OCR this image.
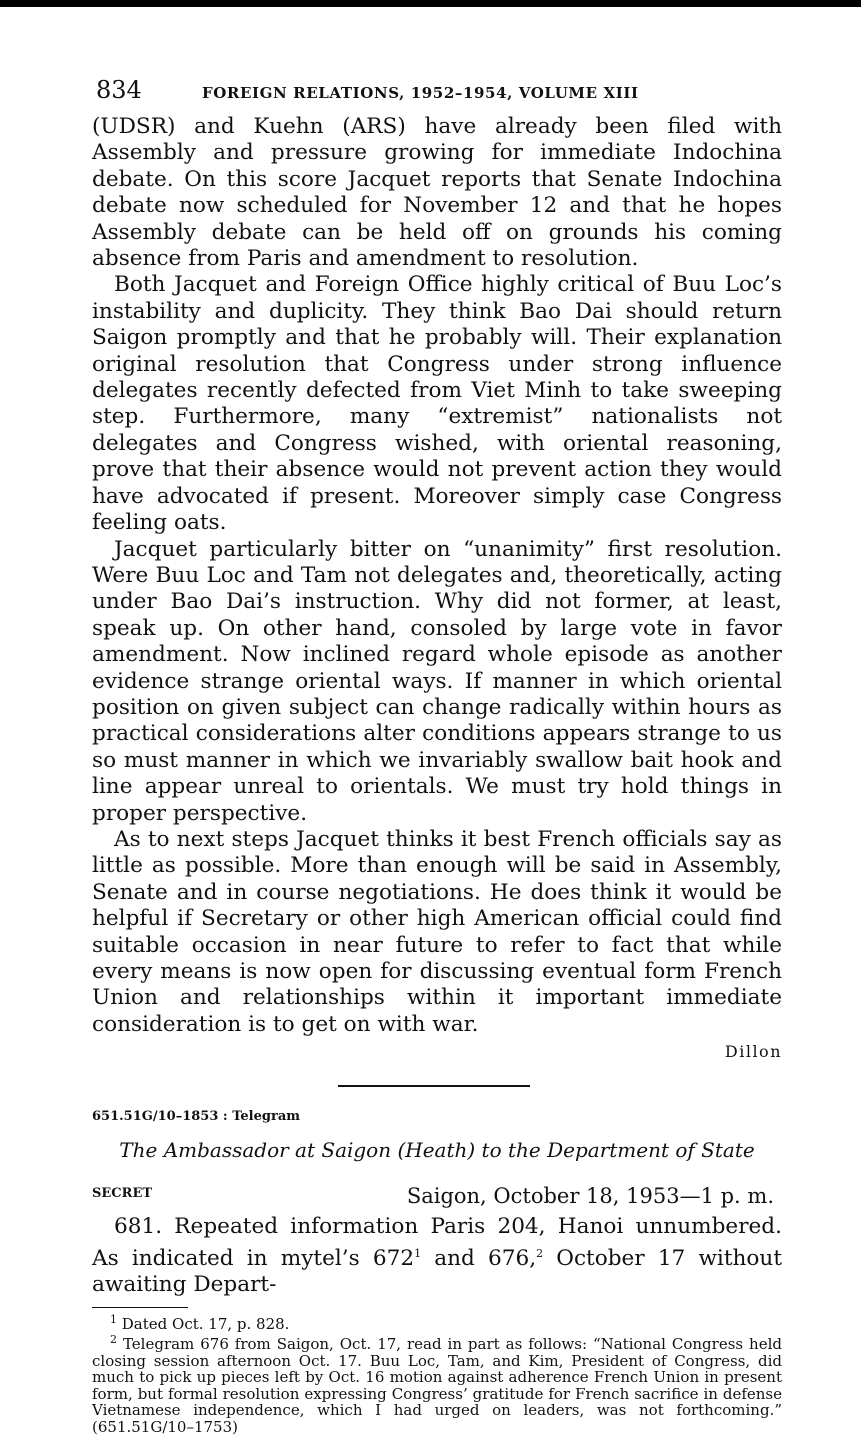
834	FOREIGN RELATIONS, 1952–1954, VOLUME XIII

(UDSR) and Kuehn (ARS) have already been filed with Assembly and pressure growing for immediate Indochina debate. On this score Jacquet reports that Senate Indochina debate now scheduled for November 12 and that he hopes Assembly debate can be held off on grounds his coming absence from Paris and amendment to resolution.

Both Jacquet and Foreign Office highly critical of Buu Loc’s instability and duplicity. They think Bao Dai should return Saigon promptly and that he probably will. Their explanation original resolution that Congress under strong influence delegates recently defected from Viet Minh to take sweeping step. Furthermore, many “extremist” nationalists not delegates and Congress wished, with oriental reasoning, prove that their absence would not prevent action they would have advocated if present. Moreover simply case Congress feeling oats.

Jacquet particularly bitter on “unanimity” first resolution. Were Buu Loc and Tam not delegates and, theoretically, acting under Bao Dai’s instruction. Why did not former, at least, speak up. On other hand, consoled by large vote in favor amendment. Now inclined regard whole episode as another evidence strange oriental ways. If manner in which oriental position on given subject can change radically within hours as practical considerations alter conditions appears strange to us so must manner in which we invariably swallow bait hook and line appear unreal to orientals. We must try hold things in proper perspective.

As to next steps Jacquet thinks it best French officials say as little as possible. More than enough will be said in Assembly, Senate and in course negotiations. He does think it would be helpful if Secretary or other high American official could find suitable occasion in near future to refer to fact that while every means is now open for discussing eventual form French Union and relationships within it important immediate consideration is to get on with war.

Dillon
651.51G/10–1853 : Telegram
The Ambassador at Saigon (Heath) to the Department of State
SECRET	Saigon, October 18, 1953—1 p. m.

681. Repeated information Paris 204, Hanoi unnumbered. As indicated in mytel’s $672^1$ and 676,$^2$ October 17 without awaiting Depart-

$^1$ Dated Oct. 17, p. 828.

$^2$ Telegram 676 from Saigon, Oct. 17, read in part as follows: “National Congress held closing session afternoon Oct. 17. Buu Loc, Tam, and Kim, President of Congress, did much to pick up pieces left by Oct. 16 motion against adherence French Union in present form, but formal resolution expressing Congress’ gratitude for French sacrifice in defense Vietnamese independence, which I had urged on leaders, was not forthcoming.” (651.51G/10–1753)
